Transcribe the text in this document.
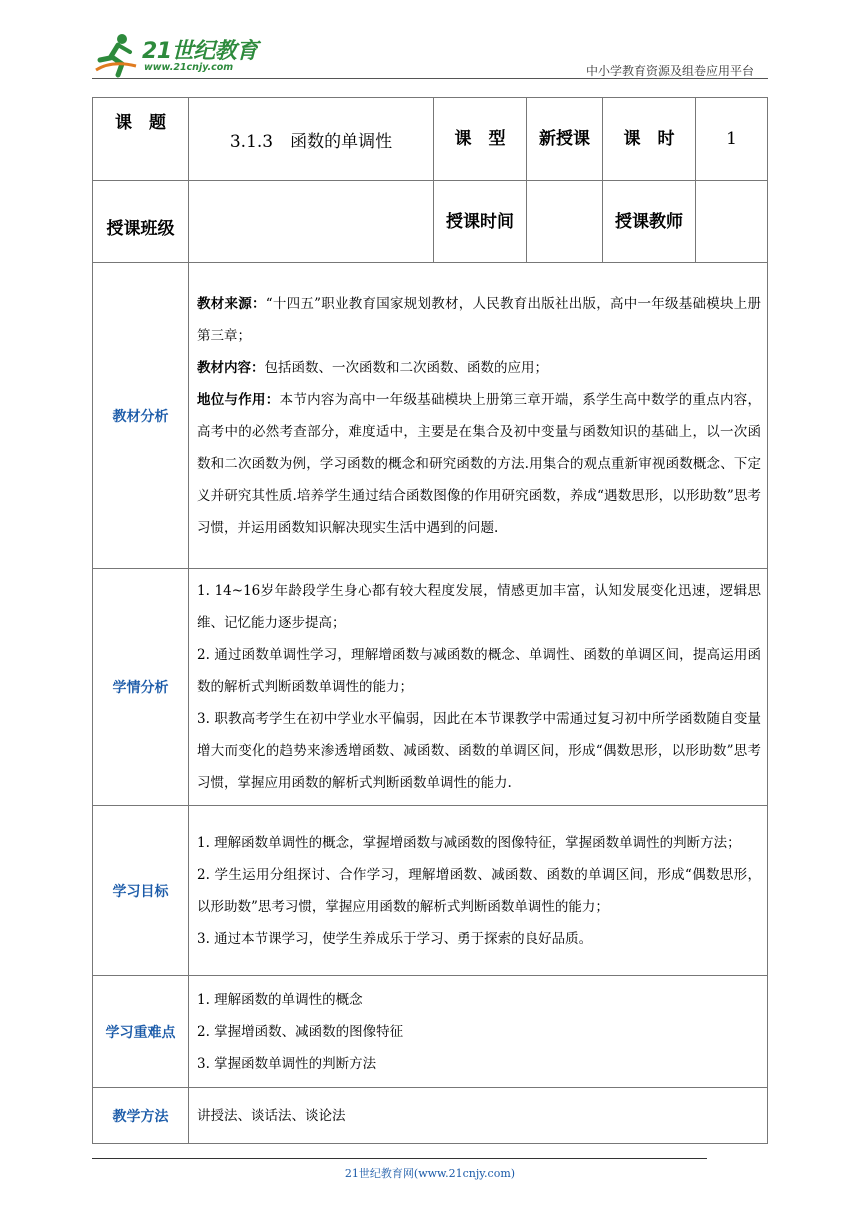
21世纪教育
www.21cnjy.com	中小学教育资源及组卷应用平台
课　题	3.1.3　函数的单调性	课　型	新授课	课　时	1
授课班级		授课时间		授课教师	
教材分析	教材来源：“十四五”职业教育国家规划教材，人民教育出版社出版，高中一年级基础模块上册第三章；

教材内容：包括函数、一次函数和二次函数、函数的应用；

地位与作用：本节内容为高中一年级基础模块上册第三章开端，系学生高中数学的重点内容，高考中的必然考查部分，难度适中，主要是在集合及初中变量与函数知识的基础上，以一次函数和二次函数为例，学习函数的概念和研究函数的方法.用集合的观点重新审视函数概念、下定义并研究其性质.培养学生通过结合函数图像的作用研究函数，养成“遇数思形，以形助数”思考习惯，并运用函数知识解决现实生活中遇到的问题.				

学情分析	1. 14~16岁年龄段学生身心都有较大程度发展，情感更加丰富，认知发展变化迅速，逻辑思维、记忆能力逐步提高；

2. 通过函数单调性学习，理解增函数与减函数的概念、单调性、函数的单调区间，提高运用函数的解析式判断函数单调性的能力；

3. 职教高考学生在初中学业水平偏弱，因此在本节课教学中需通过复习初中所学函数随自变量增大而变化的趋势来渗透增函数、减函数、函数的单调区间，形成“偶数思形，以形助数”思考习惯，掌握应用函数的解析式判断函数单调性的能力.				

学习目标	1. 理解函数单调性的概念，掌握增函数与减函数的图像特征，掌握函数单调性的判断方法；

2. 学生运用分组探讨、合作学习，理解增函数、减函数、函数的单调区间，形成“偶数思形，以形助数”思考习惯，掌握应用函数的解析式判断函数单调性的能力；

3. 通过本节课学习，使学生养成乐于学习、勇于探索的良好品质。				

学习重难点	1. 理解函数的单调性的概念

2. 掌握增函数、减函数的图像特征

3. 掌握函数单调性的判断方法				

教学方法	讲授法、谈话法、谈论法				

21世纪教育网(www.21cnjy.com)
